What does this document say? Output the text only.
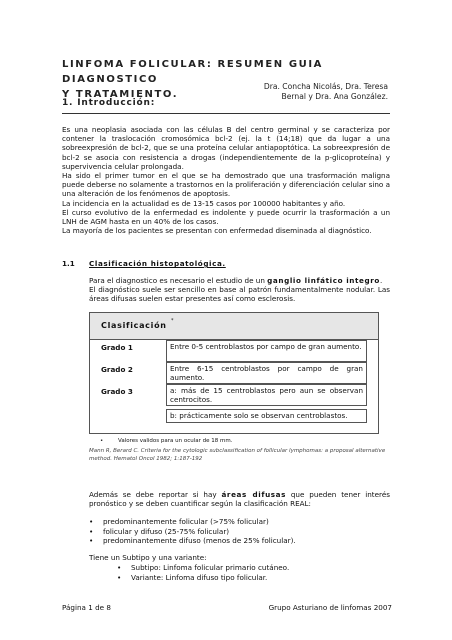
LINFOMA FOLICULAR: RESUMEN GUIA DIAGNOSTICO
Y TRATAMIENTO.
Dra. Concha Nicolás, Dra. Teresa
Bernal y Dra. Ana González.
1. Introducción:

Es una neoplasia asociada con las células B del centro germinal y se caracteriza por contener la traslocación cromosómica bcl-2 (ej. la t (14;18) que da lugar a una sobreexpresión de bcl-2, que se una proteína celular antiapoptótica. La sobreexpresión de bcl-2 se asocia con resistencia a drogas (independientemente de la p-glicoproteína) y supervivencia celular prolongada.

Ha sido el primer tumor en el que se ha demostrado que una trasformación maligna puede deberse no solamente a trastornos en la proliferación y diferenciación celular sino a una alteración de los fenómenos de apoptosis.

La incidencia en la actualidad es de 13-15 casos por 100000 habitantes y año.

El curso evolutivo de la enfermedad es indolente y puede ocurrir la trasformación a un LNH de AGM hasta en un 40% de los casos.

La mayoría de los pacientes se presentan con enfermedad diseminada al diagnóstico.

1.1 Clasificación histopatológica.

Para el diagnostico es necesario el estudio de un ganglio linfático integro.

El diagnóstico suele ser sencillo en base al patrón fundamentalmente nodular. Las áreas difusas suelen estar presentes así como esclerosis.

Clasificación *
Grado 1	Entre 0-5 centroblastos por campo de gran aumento.
Grado 2	Entre 6-15 centroblastos por campo de gran aumento.
Grado 3	a: más de 15 centroblastos pero aun se observan centrocitos.
b: prácticamente solo se observan centroblastos.
•	Valores validos para un ocular de 18 mm.
Mann R, Berard C. Criteria for the cytologic subclassification of follicular lymphomas: a proposal alternative method. Hematol Oncol 1982; 1:187-192

Además se debe reportar si hay áreas difusas que pueden tener interés pronóstico y se deben cuantificar según la clasificación REAL:

• predominantemente folicular (>75% folicular)
• folicular y difuso (25-75% folicular)
• predominantemente difuso (menos de 25% folicular).
Tiene un Subtipo y una variante:
• Subtipo: Linfoma folicular primario cutáneo.
• Variante: Linfoma difuso tipo folicular.
Página 1 de 8	Grupo Asturiano de linfomas 2007
